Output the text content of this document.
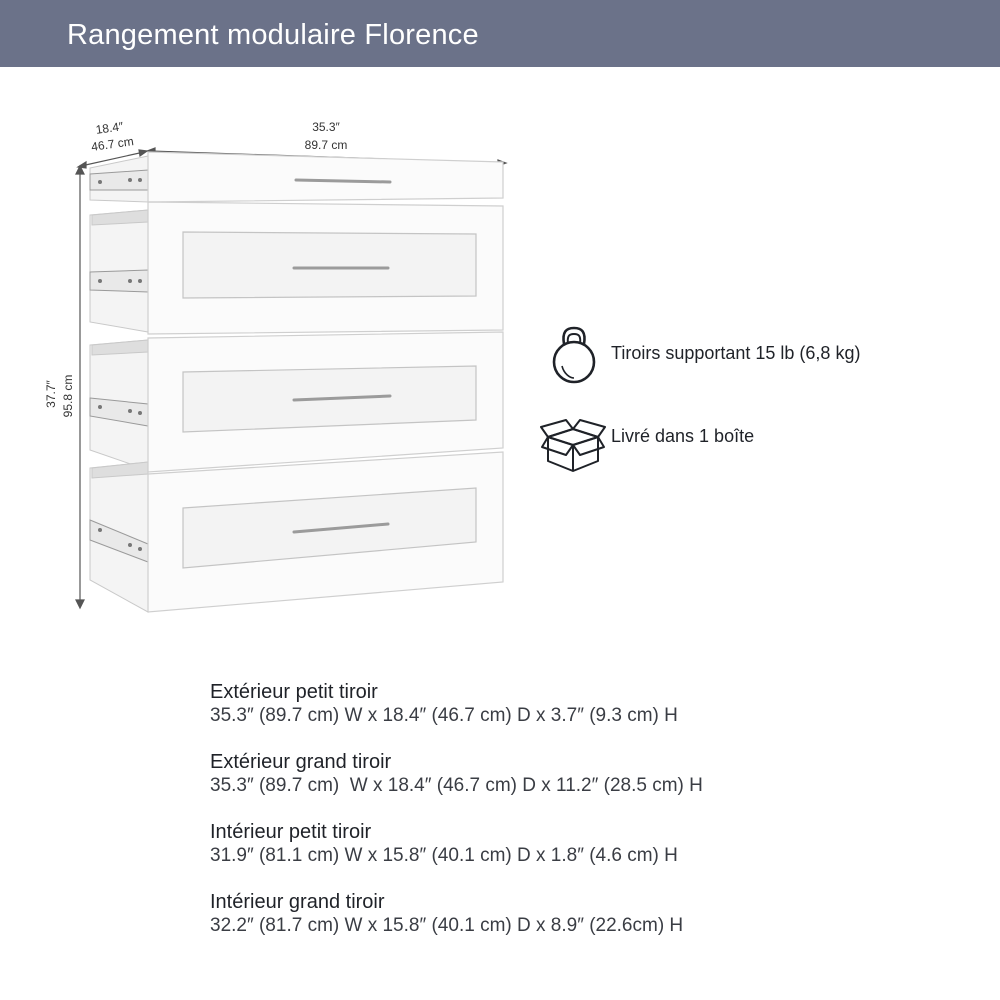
Rangement modulaire Florence
18.4″
46.7 cm
35.3″
89.7 cm
37.7″ 95.8 cm
Tiroirs supportant 15 lb (6,8 kg)
Livré dans 1 boîte
Extérieur petit tiroir
35.3″ (89.7 cm) W x 18.4″ (46.7 cm) D x 3.7″ (9.3 cm) H
Extérieur grand tiroir
35.3″ (89.7 cm)  W x 18.4″ (46.7 cm) D x 11.2″ (28.5 cm) H
Intérieur petit tiroir
31.9″ (81.1 cm) W x 15.8″ (40.1 cm) D x 1.8″ (4.6 cm) H
Intérieur grand tiroir
32.2″ (81.7 cm) W x 15.8″ (40.1 cm) D x 8.9″ (22.6cm) H
